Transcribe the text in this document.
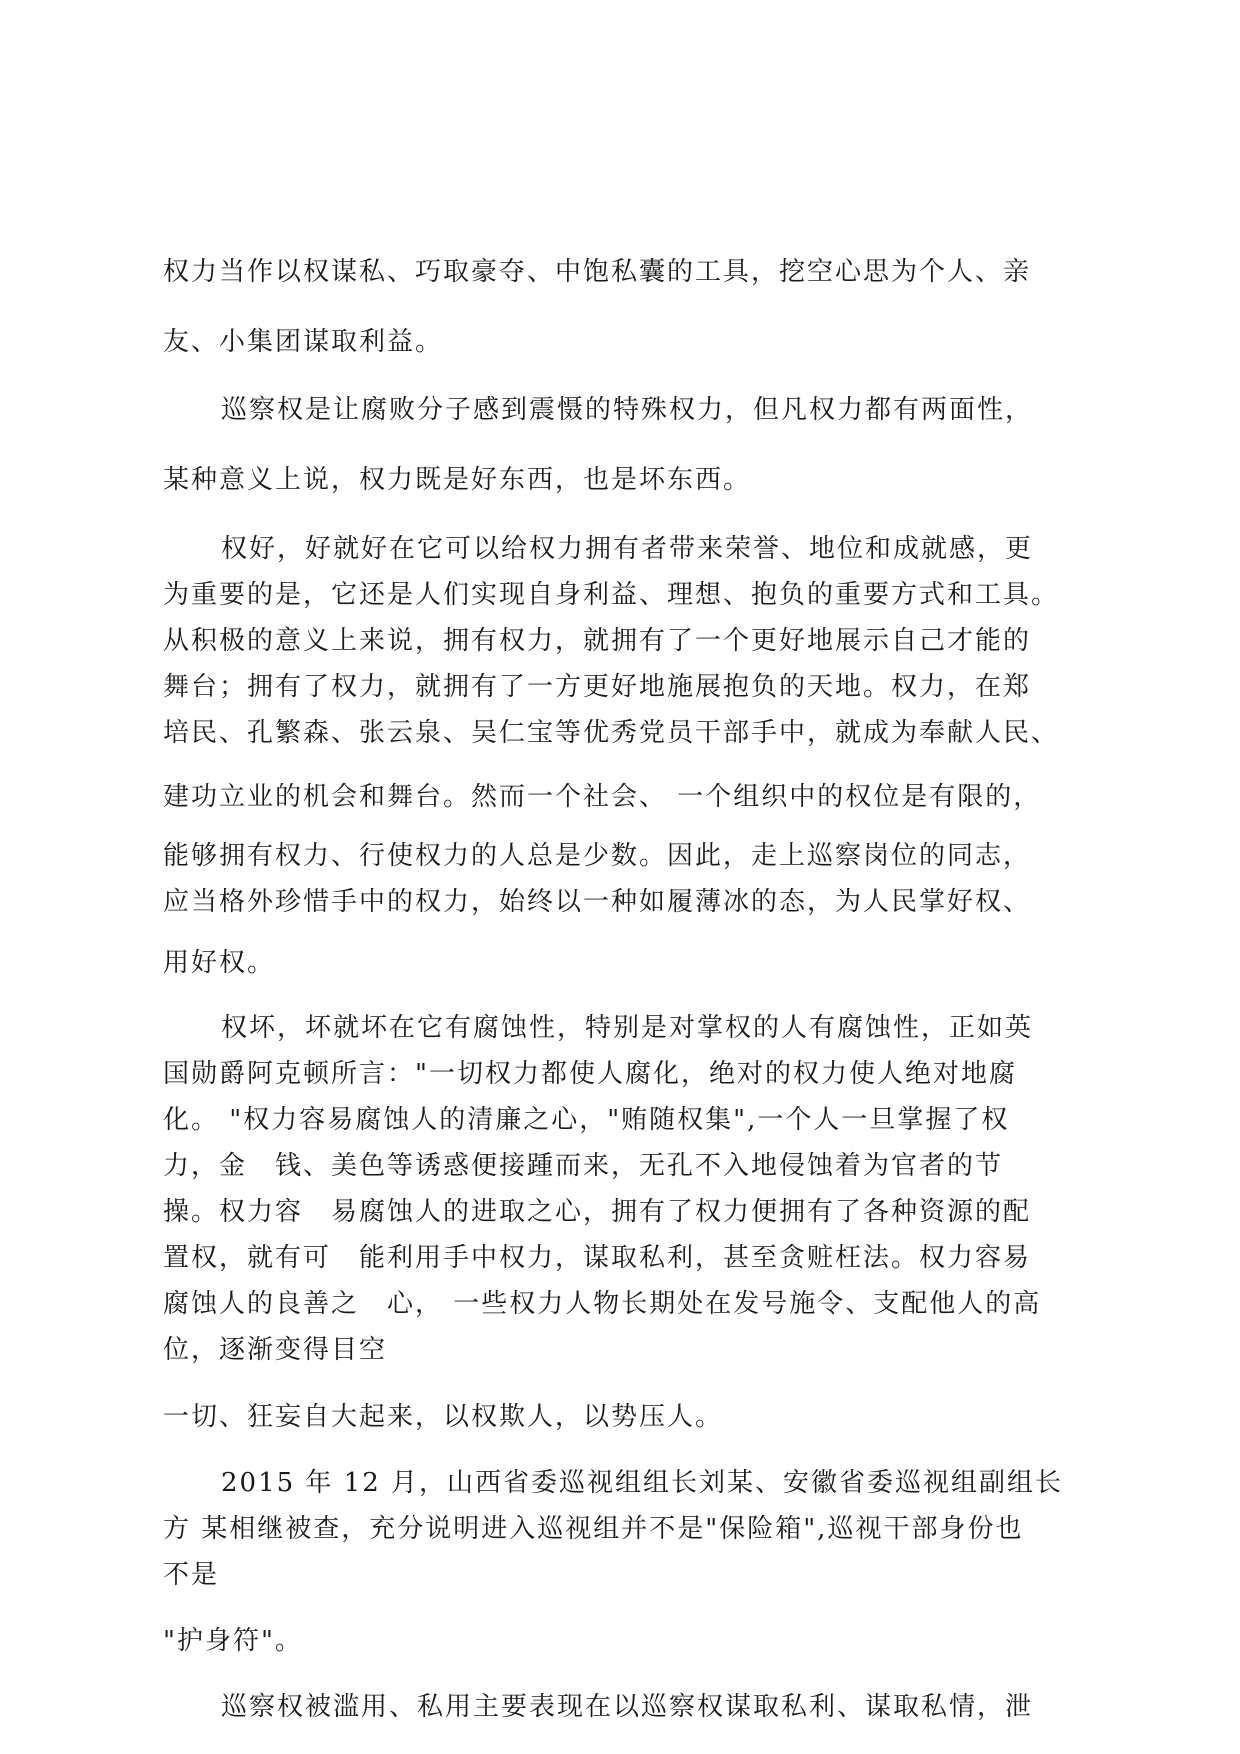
权力当作以权谋私、巧取豪夺、中饱私囊的工具，挖空心思为个人、亲
友、小集团谋取利益。
巡察权是让腐败分子感到震慑的特殊权力，但凡权力都有两面性，
某种意义上说，权力既是好东西，也是坏东西。
权好，好就好在它可以给权力拥有者带来荣誉、地位和成就感，更
为重要的是，它还是人们实现自身利益、理想、抱负的重要方式和工具。
从积极的意义上来说，拥有权力，就拥有了一个更好地展示自己才能的
舞台；拥有了权力，就拥有了一方更好地施展抱负的天地。权力，在郑
培民、孔繁森、张云泉、吴仁宝等优秀党员干部手中，就成为奉献人民、
建功立业的机会和舞台。然而一个社会、 一个组织中的权位是有限的，
能够拥有权力、行使权力的人总是少数。因此，走上巡察岗位的同志，
应当格外珍惜手中的权力，始终以一种如履薄冰的态，为人民掌好权、
用好权。
权坏，坏就坏在它有腐蚀性，特别是对掌权的人有腐蚀性，正如英
国勋爵阿克顿所言："一切权力都使人腐化，绝对的权力使人绝对地腐
化。 "权力容易腐蚀人的清廉之心，"贿随权集",一个人一旦掌握了权
力，金　钱、美色等诱惑便接踵而来，无孔不入地侵蚀着为官者的节
操。权力容　易腐蚀人的进取之心，拥有了权力便拥有了各种资源的配
置权，就有可　能利用手中权力，谋取私利，甚至贪赃枉法。权力容易
腐蚀人的良善之　心， 一些权力人物长期处在发号施令、支配他人的高
位，逐渐变得目空
一切、狂妄自大起来，以权欺人，以势压人。
2015 年 12 月，山西省委巡视组组长刘某、安徽省委巡视组副组长
方 某相继被查，充分说明进入巡视组并不是"保险箱",巡视干部身份也
不是
"护身符"。
巡察权被滥用、私用主要表现在以巡察权谋取私利、谋取私情，泄
